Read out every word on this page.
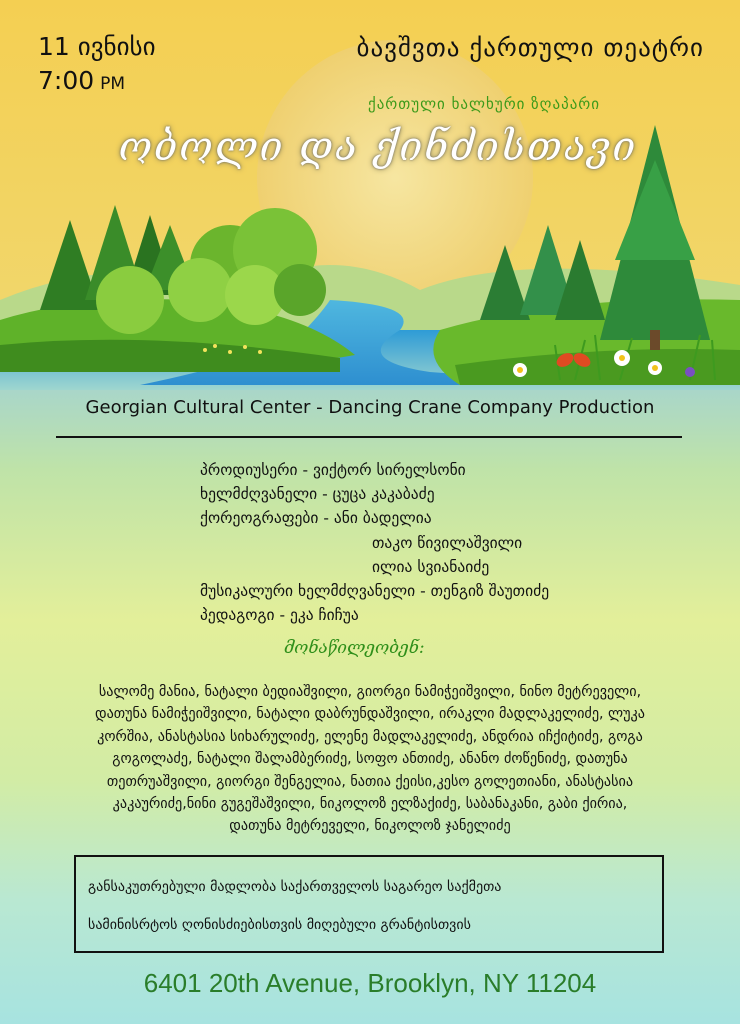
11 ივნისი
7:00 PM
ბავშვთა ქართული თეატრი
ქართული ხალხური ზღაპარი
ობოლი და ქინძისთავი
Georgian Cultural Center - Dancing Crane Company Production
პროდიუსერი - ვიქტორ სირელსონი
ხელმძღვანელი - ცუცა კაკაბაძე
ქორეოგრაფები - ანი ბადელია
თაკო წივილაშვილი
ილია სვიანაიძე
მუსიკალური ხელმძღვანელი - თენგიზ შაუთიძე
პედაგოგი - ეკა ჩიჩუა
მონაწილეობენ:
სალომე მანია, ნატალი ბედიაშვილი, გიორგი ნამიჭეიშვილი, ნინო მეტრეველი,
დათუნა ნამიჭეიშვილი, ნატალი დაბრუნდაშვილი, ირაკლი მადლაკელიძე, ლუკა
კორშია, ანასტასია სიხარულიძე, ელენე მადლაკელიძე, ანდრია იჩქიტიძე, გოგა
გოგოლაძე, ნატალი შალამბერიძე, სოფო ანთიძე, ანანო ძოწენიძე, დათუნა
თეთრუაშვილი, გიორგი შენგელია, ნათია ქეისი,კესო გოლეთიანი, ანასტასია
კაკაურიძე,ნინი გუგეშაშვილი, ნიკოლოზ ელზაქიძე, საბანაკანი, გაბი ქირია,
დათუნა მეტრეველი, ნიკოლოზ ჯანელიძე
განსაკუთრებული მადლობა საქართველოს საგარეო საქმეთა
სამინისრტოს ღონისძიებისთვის მიღებული გრანტისთვის
6401 20th Avenue, Brooklyn, NY 11204
